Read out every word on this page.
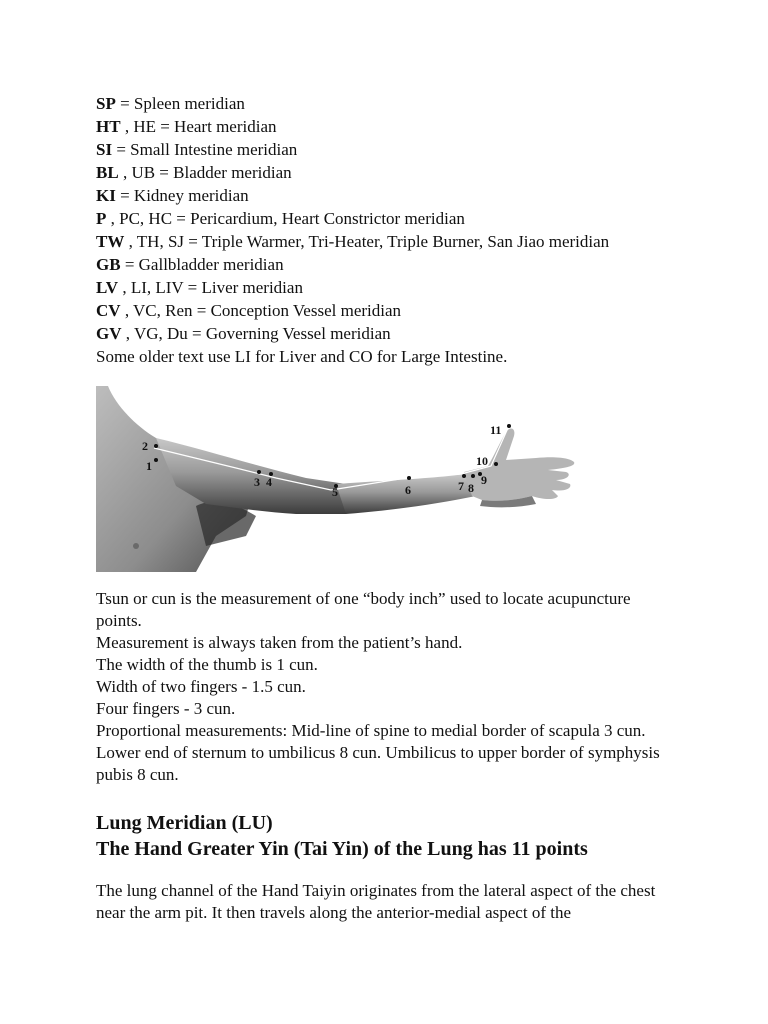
SP = Spleen meridian
HT , HE = Heart meridian
SI = Small Intestine meridian
BL , UB = Bladder meridian
KI = Kidney meridian
P , PC, HC = Pericardium, Heart Constrictor meridian
TW , TH, SJ = Triple Warmer, Tri-Heater, Triple Burner, San Jiao meridian
GB = Gallbladder meridian
LV , LI, LIV = Liver meridian
CV , VC, Ren = Conception Vessel meridian
GV , VG, Du = Governing Vessel meridian
Some older text use LI for Liver and CO for Large Intestine.
1
2
3 4
5	6	7 8
9
10
11
Tsun or cun is the measurement of one “body inch” used to locate acupuncture points.
Measurement is always taken from the patient’s hand.
The width of the thumb is 1 cun.
Width of two fingers - 1.5 cun.
Four fingers - 3 cun.
Proportional measurements: Mid-line of spine to medial border of scapula 3 cun. Lower end of sternum to umbilicus 8 cun. Umbilicus to upper border of symphysis pubis 8 cun.
Lung Meridian (LU)
The Hand Greater Yin (Tai Yin) of the Lung has 11 points
The lung channel of the Hand Taiyin originates from the lateral aspect of the chest near the arm pit. It then travels along the anterior-medial aspect of the
